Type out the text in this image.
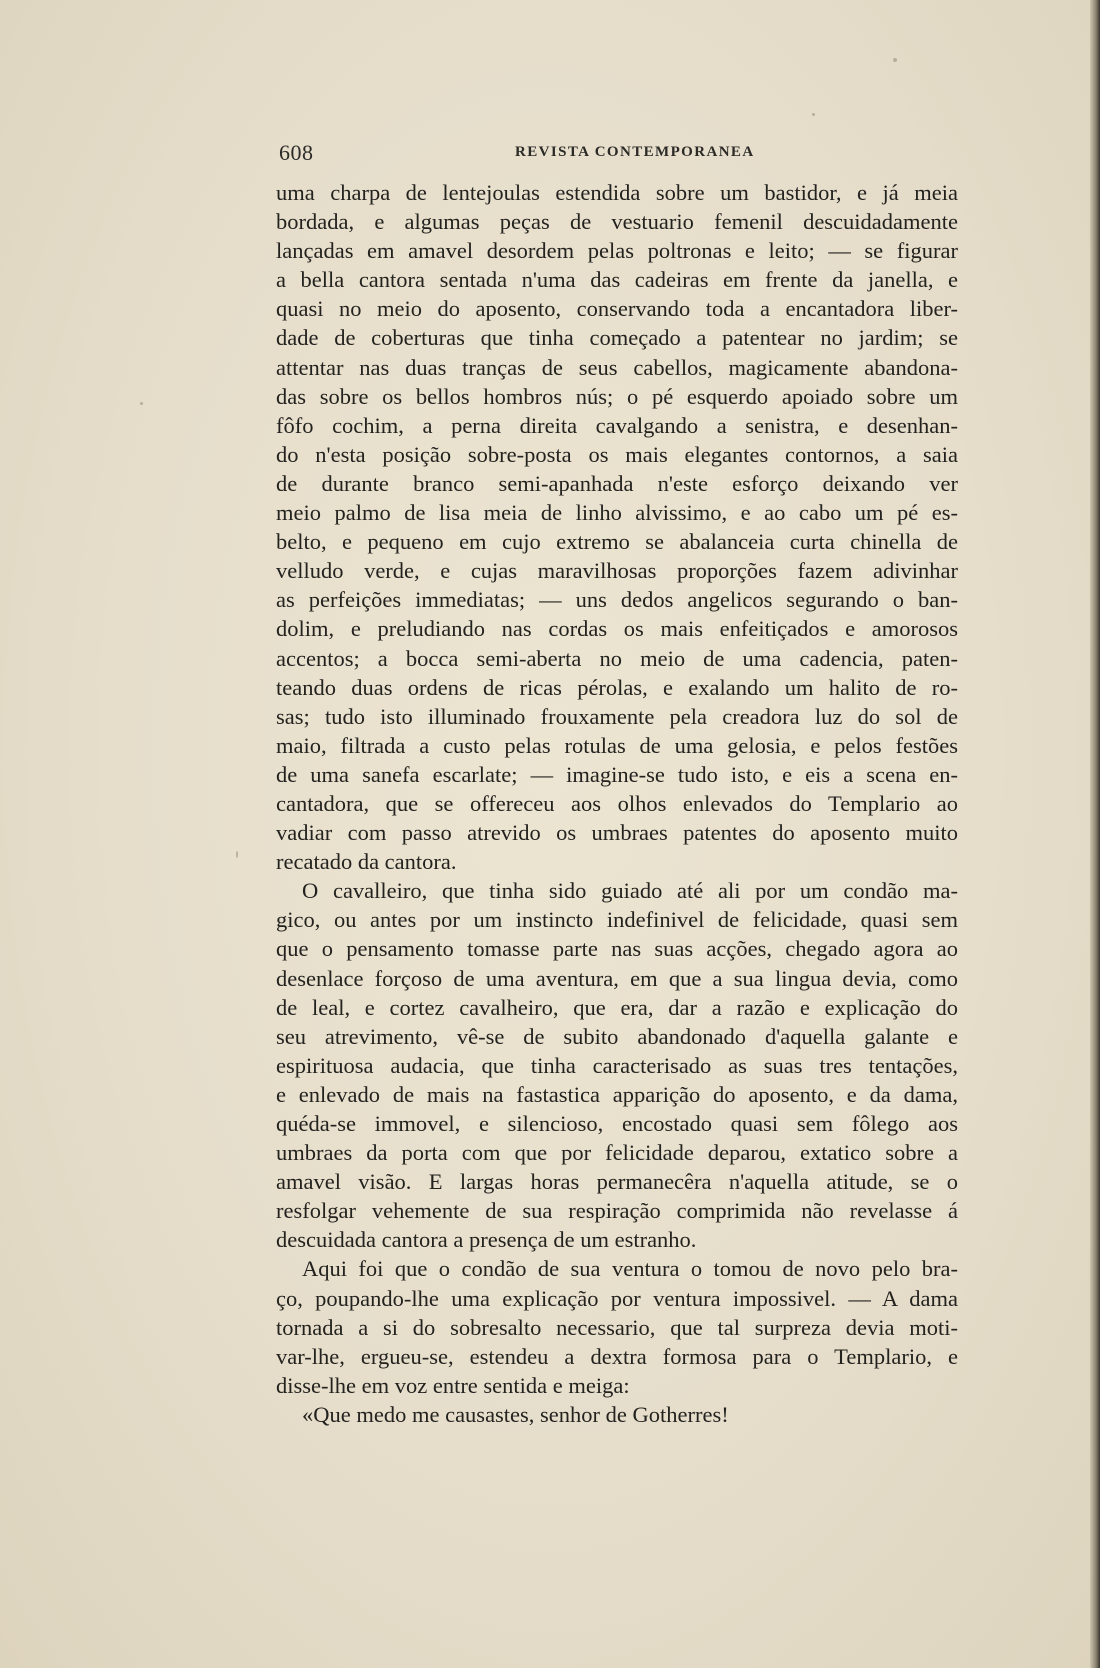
608	REVISTA CONTEMPORANEA
uma charpa de lentejoulas estendida sobre um bastidor, e já meia
bordada, e algumas peças de vestuario femenil descuidadamente
lançadas em amavel desordem pelas poltronas e leito; — se figurar
a bella cantora sentada n'uma das cadeiras em frente da janella, e
quasi no meio do aposento, conservando toda a encantadora liber-
dade de coberturas que tinha começado a patentear no jardim; se
attentar nas duas tranças de seus cabellos, magicamente abandona-
das sobre os bellos hombros nús; o pé esquerdo apoiado sobre um
fôfo cochim, a perna direita cavalgando a senistra, e desenhan-
do n'esta posição sobre-posta os mais elegantes contornos, a saia
de durante branco semi-apanhada n'este esforço deixando ver
meio palmo de lisa meia de linho alvissimo, e ao cabo um pé es-
belto, e pequeno em cujo extremo se abalanceia curta chinella de
velludo verde, e cujas maravilhosas proporções fazem adivinhar
as perfeições immediatas; — uns dedos angelicos segurando o ban-
dolim, e preludiando nas cordas os mais enfeitiçados e amorosos
accentos; a bocca semi-aberta no meio de uma cadencia, paten-
teando duas ordens de ricas pérolas, e exalando um halito de ro-
sas; tudo isto illuminado frouxamente pela creadora luz do sol de
maio, filtrada a custo pelas rotulas de uma gelosia, e pelos festões
de uma sanefa escarlate; — imagine-se tudo isto, e eis a scena en-
cantadora, que se offereceu aos olhos enlevados do Templario ao
vadiar com passo atrevido os umbraes patentes do aposento muito
recatado da cantora.
O cavalleiro, que tinha sido guiado até ali por um condão ma-
gico, ou antes por um instincto indefinivel de felicidade, quasi sem
que o pensamento tomasse parte nas suas acções, chegado agora ao
desenlace forçoso de uma aventura, em que a sua lingua devia, como
de leal, e cortez cavalheiro, que era, dar a razão e explicação do
seu atrevimento, vê-se de subito abandonado d'aquella galante e
espirituosa audacia, que tinha caracterisado as suas tres tentações,
e enlevado de mais na fastastica apparição do aposento, e da dama,
quéda-se immovel, e silencioso, encostado quasi sem fôlego aos
umbraes da porta com que por felicidade deparou, extatico sobre a
amavel visão. E largas horas permanecêra n'aquella atitude, se o
resfolgar vehemente de sua respiração comprimida não revelasse á
descuidada cantora a presença de um estranho.
Aqui foi que o condão de sua ventura o tomou de novo pelo bra-
ço, poupando-lhe uma explicação por ventura impossivel. — A dama
tornada a si do sobresalto necessario, que tal surpreza devia moti-
var-lhe, ergueu-se, estendeu a dextra formosa para o Templario, e
disse-lhe em voz entre sentida e meiga:
«Que medo me causastes, senhor de Gotherres!
